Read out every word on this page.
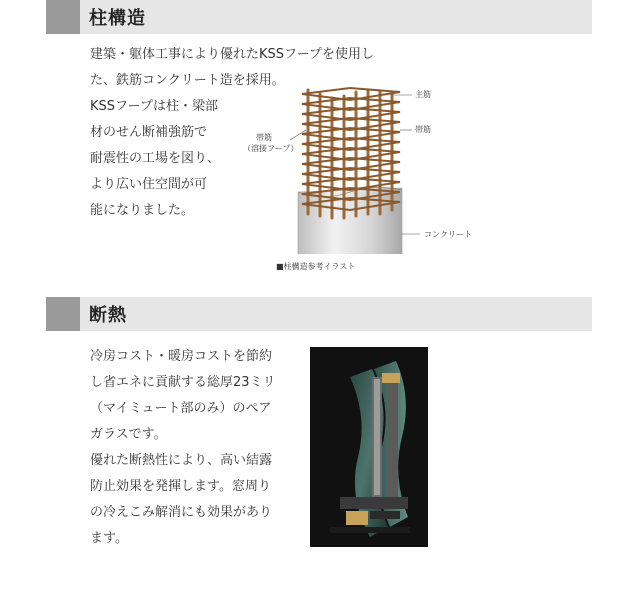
柱構造
建築・躯体工事により優れたKSSフープを使用し
た、鉄筋コンクリート造を採用。
KSSフープは柱・梁部
材のせん断補強筋で
耐震性の工場を図り、
より広い住空間が可
能になりました。
主筋
帯筋
帯筋
（溶接フープ）
コンクリート
■柱構造参考イラスト
断熱
冷房コスト・暖房コストを節約
し省エネに貢献する総厚23ミリ
（マイミュート部のみ）のペア
ガラスです。
優れた断熱性により、高い結露
防止効果を発揮します。窓周り
の冷えこみ解消にも効果があり
ます。
